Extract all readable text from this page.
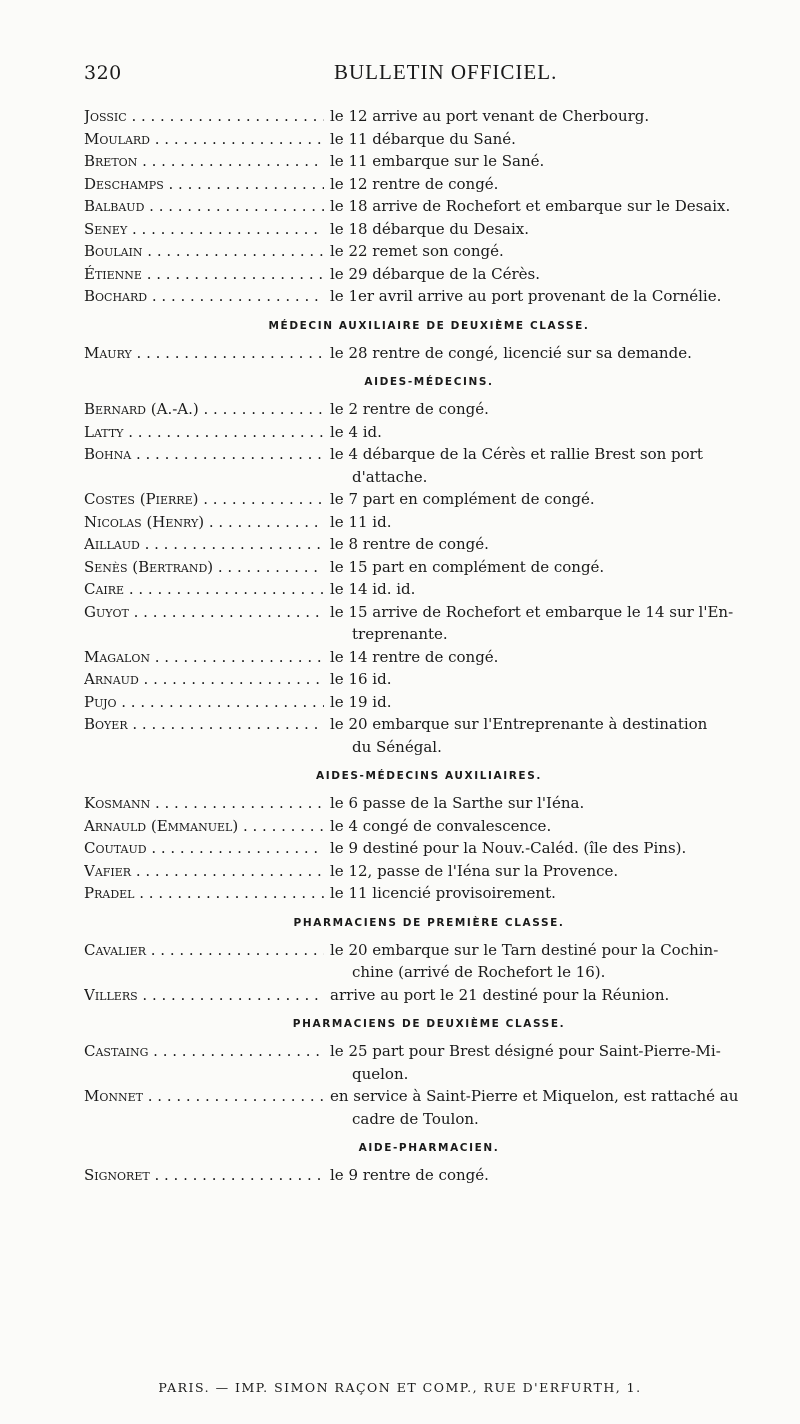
320	BULLETIN OFFICIEL.
Jossic . . .	le 12 arrive au port venant de Cherbourg.
Moulard . . .	le 11 débarque du Sané.
Breton . . .	le 11 embarque sur le Sané.
Deschamps . . .	le 12 rentre de congé.
Balbaud . . .	le 18 arrive de Rochefort et embarque sur le Desaix.
Seney . . .	le 18 débarque du Desaix.
Boulain . . .	le 22 remet son congé.
Étienne . . .	le 29 débarque de la Cérès.
Bochard . . .	le 1er avril arrive au port provenant de la Cornélie.
MÉDECIN AUXILIAIRE DE DEUXIÈME CLASSE.
Maury . . .	le 28 rentre de congé, licencié sur sa demande.
AIDES-MÉDECINS.
Bernard (A.-A.) . . .	le 2 rentre de congé.
Latty . . .	le 4 id.
Bohna . . .	le 4 débarque de la Cérès et rallie Brest son port
d'attache.
Costes (Pierre) . . .	le 7 part en complément de congé.
Nicolas (Henry) . . .	le 11 id.
Aillaud . . .	le 8 rentre de congé.
Senès (Bertrand) . . .	le 15 part en complément de congé.
Caire . . .	le 14 id. id.
Guyot . . .	le 15 arrive de Rochefort et embarque le 14 sur l'En-
treprenante.
Magalon . . .	le 14 rentre de congé.
Arnaud . . .	le 16 id.
Pujo . . .	le 19 id.
Boyer . . .	le 20 embarque sur l'Entreprenante à destination
du Sénégal.
AIDES-MÉDECINS AUXILIAIRES.
Kosmann . . .	le 6 passe de la Sarthe sur l'Iéna.
Arnauld (Emmanuel) . . .	le 4 congé de convalescence.
Coutaud . . .	le 9 destiné pour la Nouv.-Caléd. (île des Pins).
Vafier . . .	le 12, passe de l'Iéna sur la Provence.
Pradel . . .	le 11 licencié provisoirement.
PHARMACIENS DE PREMIÈRE CLASSE.
Cavalier . . .	le 20 embarque sur le Tarn destiné pour la Cochin-
chine (arrivé de Rochefort le 16).
Villers . . .	arrive au port le 21 destiné pour la Réunion.
PHARMACIENS DE DEUXIÈME CLASSE.
Castaing . . .	le 25 part pour Brest désigné pour Saint-Pierre-Mi-
quelon.
Monnet . . .	en service à Saint-Pierre et Miquelon, est rattaché au
cadre de Toulon.
AIDE-PHARMACIEN.
Signoret . . .	le 9 rentre de congé.
PARIS. — IMP. SIMON RAÇON ET COMP., RUE D'ERFURTH, 1.
